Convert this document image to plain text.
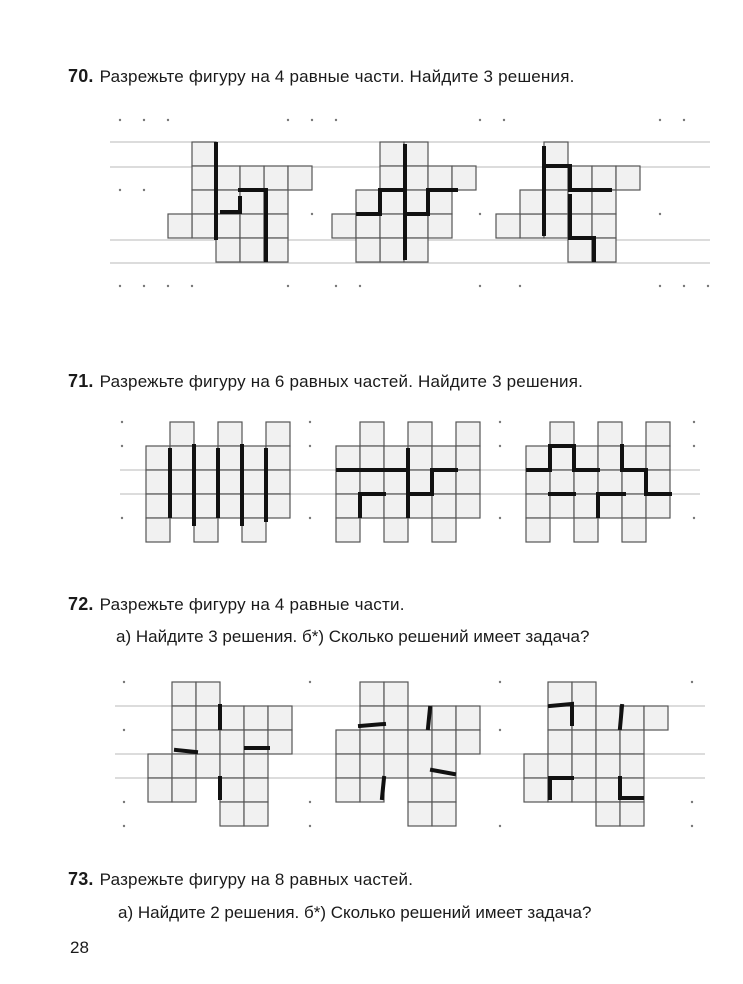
70. Разрежьте фигуру на 4 равные части. Найдите 3 решения.
71. Разрежьте фигуру на 6 равных частей. Найдите 3 решения.
72. Разрежьте фигуру на 4 равные части.
а) Найдите 3 решения. б*) Сколько решений имеет задача?
73. Разрежьте фигуру на 8 равных частей.
а) Найдите 2 решения. б*) Сколько решений имеет задача?
28
